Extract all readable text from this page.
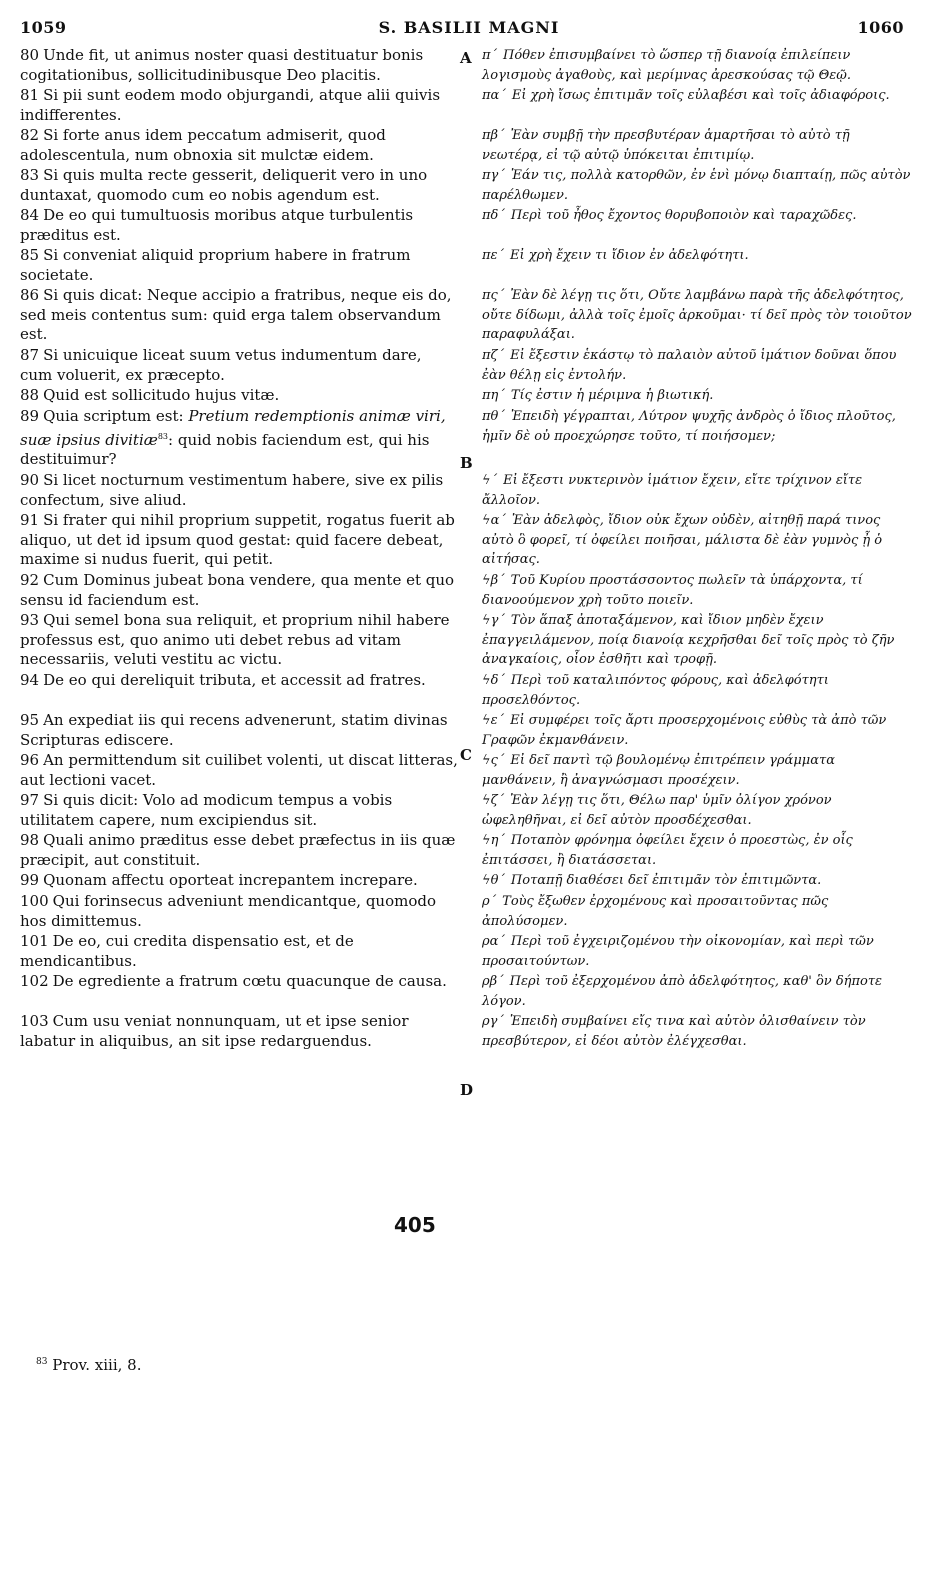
1059	S. BASILII MAGNI	1060
A
B
C
D
405
80 Unde fit, ut animus noster quasi destituatur bonis cogitationibus, sollicitudinibusque Deo placitis.
81 Si pii sunt eodem modo objurgandi, atque alii quivis indifferentes.
82 Si forte anus idem peccatum admiserit, quod adolescentula, num obnoxia sit mulctæ eidem.
83 Si quis multa recte gesserit, deliquerit vero in uno duntaxat, quomodo cum eo nobis agendum est.
84 De eo qui tumultuosis moribus atque turbulentis præditus est.
85 Si conveniat aliquid proprium habere in fratrum societate.
86 Si quis dicat: Neque accipio a fratribus, neque eis do, sed meis contentus sum: quid erga talem observandum est.
87 Si unicuique liceat suum vetus indumentum dare, cum voluerit, ex præcepto.
88 Quid est sollicitudo hujus vitæ.
89 Quia scriptum est: Pretium redemptionis animæ viri, suæ ipsius divitiæ$^{83}$: quid nobis faciendum est, qui his destituimur?
90 Si licet nocturnum vestimentum habere, sive ex pilis confectum, sive aliud.
91 Si frater qui nihil proprium suppetit, rogatus fuerit ab aliquo, ut det id ipsum quod gestat: quid facere debeat, maxime si nudus fuerit, qui petit.
92 Cum Dominus jubeat bona vendere, qua mente et quo sensu id faciendum est.
93 Qui semel bona sua reliquit, et proprium nihil habere professus est, quo animo uti debet rebus ad vitam necessariis, veluti vestitu ac victu.
94 De eo qui dereliquit tributa, et accessit ad fratres.
95 An expediat iis qui recens advenerunt, statim divinas Scripturas ediscere.
96 An permittendum sit cuilibet volenti, ut discat litteras, aut lectioni vacet.
97 Si quis dicit: Volo ad modicum tempus a vobis utilitatem capere, num excipiendus sit.
98 Quali animo præditus esse debet præfectus in iis quæ præcipit, aut constituit.
99 Quonam affectu oporteat increpantem increpare.
100 Qui forinsecus adveniunt mendicantque, quomodo hos dimittemus.
101 De eo, cui credita dispensatio est, et de mendicantibus.
102 De egrediente a fratrum cœtu quacunque de causa.
103 Cum usu veniat nonnunquam, ut et ipse senior labatur in aliquibus, an sit ipse redarguendus.
π´ Πόθεν ἐπισυμβαίνει τὸ ὥσπερ τῇ διανοίᾳ ἐπιλείπειν λογισμοὺς ἀγαθοὺς, καὶ μερίμνας ἀρεσκούσας τῷ Θεῷ.
πα´ Εἰ χρὴ ἴσως ἐπιτιμᾶν τοῖς εὐλαβέσι καὶ τοῖς ἀδιαφόροις.
πβ´ Ἐὰν συμβῇ τὴν πρεσβυτέραν ἁμαρτῆσαι τὸ αὐτὸ τῇ νεωτέρᾳ, εἰ τῷ αὐτῷ ὑπόκειται ἐπιτιμίῳ.
πγ´ Ἐάν τις, πολλὰ κατορθῶν, ἐν ἑνὶ μόνῳ διαπταίῃ, πῶς αὐτὸν παρέλθωμεν.
πδ´ Περὶ τοῦ ἦθος ἔχοντος θορυβοποιὸν καὶ ταραχῶδες.
πε´ Εἰ χρὴ ἔχειν τι ἴδιον ἐν ἀδελφότητι.
πς´ Ἐὰν δὲ λέγῃ τις ὅτι, Οὔτε λαμβάνω παρὰ τῆς ἀδελφότητος, οὔτε δίδωμι, ἀλλὰ τοῖς ἐμοῖς ἀρκοῦμαι· τί δεῖ πρὸς τὸν τοιοῦτον παραφυλάξαι.
πζ´ Εἰ ἔξεστιν ἑκάστῳ τὸ παλαιὸν αὐτοῦ ἱμάτιον δοῦναι ὅπου ἐὰν θέλῃ εἰς ἐντολήν.
πη´ Τίς ἐστιν ἡ μέριμνα ἡ βιωτική.
πθ´ Ἐπειδὴ γέγραπται, Λύτρον ψυχῆς ἀνδρὸς ὁ ἴδιος πλοῦτος, ἡμῖν δὲ οὐ προεχώρησε τοῦτο, τί ποιήσομεν;
ϟ´ Εἰ ἔξεστι νυκτερινὸν ἱμάτιον ἔχειν, εἴτε τρίχινον εἴτε ἄλλοῖον.
ϟα´ Ἐὰν ἀδελφὸς, ἴδιον οὐκ ἔχων οὐδὲν, αἰτηθῇ παρά τινος αὐτὸ ὃ φορεῖ, τί ὀφείλει ποιῆσαι, μάλιστα δὲ ἐὰν γυμνὸς ᾖ ὁ αἰτήσας.
ϟβ´ Τοῦ Κυρίου προστάσσοντος πωλεῖν τὰ ὑπάρχοντα, τί διανοούμενον χρὴ τοῦτο ποιεῖν.
ϟγ´ Τὸν ἅπαξ ἀποταξάμενον, καὶ ἴδιον μηδὲν ἔχειν ἐπαγγειλάμενον, ποίᾳ διανοίᾳ κεχρῆσθαι δεῖ τοῖς πρὸς τὸ ζῆν ἀναγκαίοις, οἷον ἐσθῆτι καὶ τροφῇ.
ϟδ´ Περὶ τοῦ καταλιπόντος φόρους, καὶ ἀδελφότητι προσελθόντος.
ϟε´ Εἰ συμφέρει τοῖς ἄρτι προσερχομένοις εὐθὺς τὰ ἀπὸ τῶν Γραφῶν ἐκμανθάνειν.
ϟς´ Εἰ δεῖ παντὶ τῷ βουλομένῳ ἐπιτρέπειν γράμματα μανθάνειν, ἢ ἀναγνώσμασι προσέχειν.
ϟζ´ Ἐὰν λέγῃ τις ὅτι, Θέλω παρ' ὑμῖν ὀλίγον χρόνον ὠφεληθῆναι, εἰ δεῖ αὐτὸν προσδέχεσθαι.
ϟη´ Ποταπὸν φρόνημα ὀφείλει ἔχειν ὁ προεστὼς, ἐν οἷς ἐπιτάσσει, ἢ διατάσσεται.
ϟθ´ Ποταπῇ διαθέσει δεῖ ἐπιτιμᾶν τὸν ἐπιτιμῶντα.
ρ´ Τοὺς ἔξωθεν ἐρχομένους καὶ προσαιτοῦντας πῶς ἀπολύσομεν.
ρα´ Περὶ τοῦ ἐγχειριζομένου τὴν οἰκονομίαν, καὶ περὶ τῶν προσαιτούντων.
ρβ´ Περὶ τοῦ ἐξερχομένου ἀπὸ ἀδελφότητος, καθ' ὃν δήποτε λόγον.
ργ´ Ἐπειδὴ συμβαίνει εἴς τινα καὶ αὐτὸν ὀλισθαίνειν τὸν πρεσβύτερον, εἰ δέοι αὐτὸν ἐλέγχεσθαι.
$^{83}$ Prov. xiii, 8.
